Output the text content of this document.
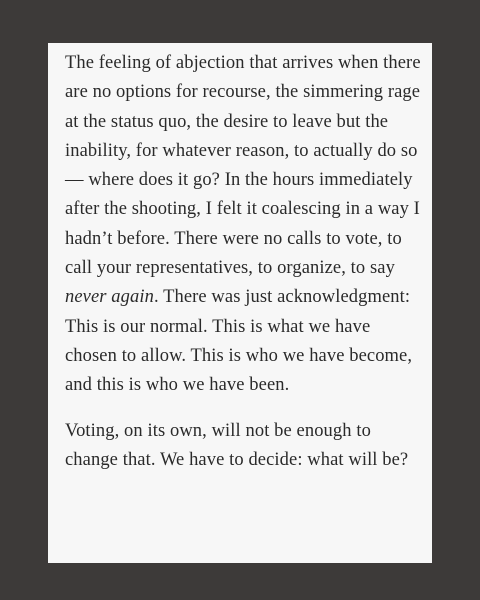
The feeling of abjection that arrives when there are no options for recourse, the simmering rage at the status quo, the desire to leave but the inability, for whatever reason, to actually do so — where does it go? In the hours immediately after the shooting, I felt it coalescing in a way I hadn’t before. There were no calls to vote, to call your representatives, to organize, to say never again. There was just acknowledgment: This is our normal. This is what we have chosen to allow. This is who we have become, and this is who we have been.

Voting, on its own, will not be enough to change that. We have to decide: what will be?
